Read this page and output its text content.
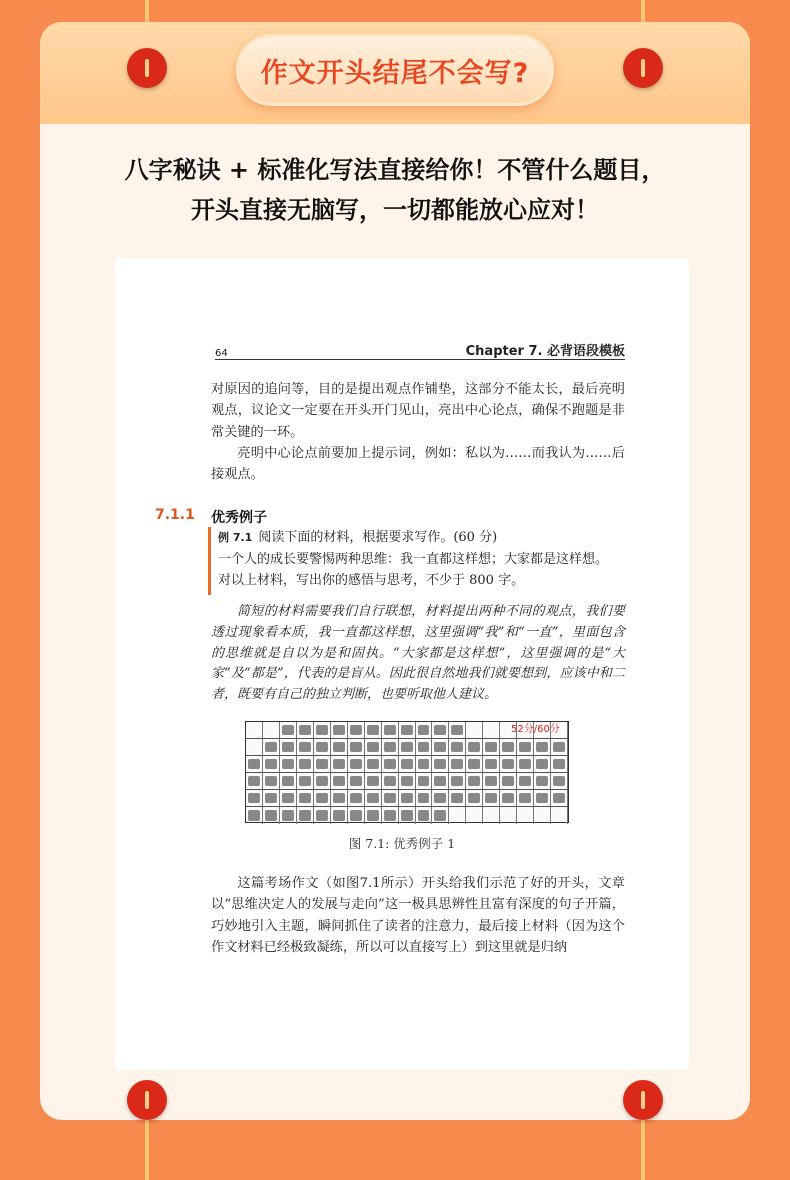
作文开头结尾不会写?
八字秘诀 + 标准化写法直接给你！不管什么题目，
开头直接无脑写，一切都能放心应对！
64	Chapter 7. 必背语段模板
对原因的追问等，目的是提出观点作铺垫，这部分不能太长，最后亮明观点，议论文一定要在开头开门见山，亮出中心论点，确保不跑题是非常关键的一环。
亮明中心论点前要加上提示词，例如：私以为……而我认为……后接观点。
7.1.1 优秀例子
例 7.1 阅读下面的材料，根据要求写作。(60 分)
一个人的成长要警惕两种思维：我一直都这样想；大家都是这样想。
对以上材料，写出你的感悟与思考，不少于 800 字。
简短的材料需要我们自行联想，材料提出两种不同的观点，我们要透过现象看本质，我一直都这样想，这里强调“我”和“一直”，里面包含的思维就是自以为是和固执。“大家都是这样想”，这里强调的是“大家”及“都是”，代表的是盲从。因此很自然地我们就要想到，应该中和二者，既要有自己的独立判断，也要听取他人建议。
52分/60分
图 7.1: 优秀例子 1
这篇考场作文（如图7.1所示）开头给我们示范了好的开头，文章以“思维决定人的发展与走向”这一极具思辨性且富有深度的句子开篇，巧妙地引入主题，瞬间抓住了读者的注意力，最后接上材料（因为这个作文材料已经极致凝练，所以可以直接写上）到这里就是归纳
